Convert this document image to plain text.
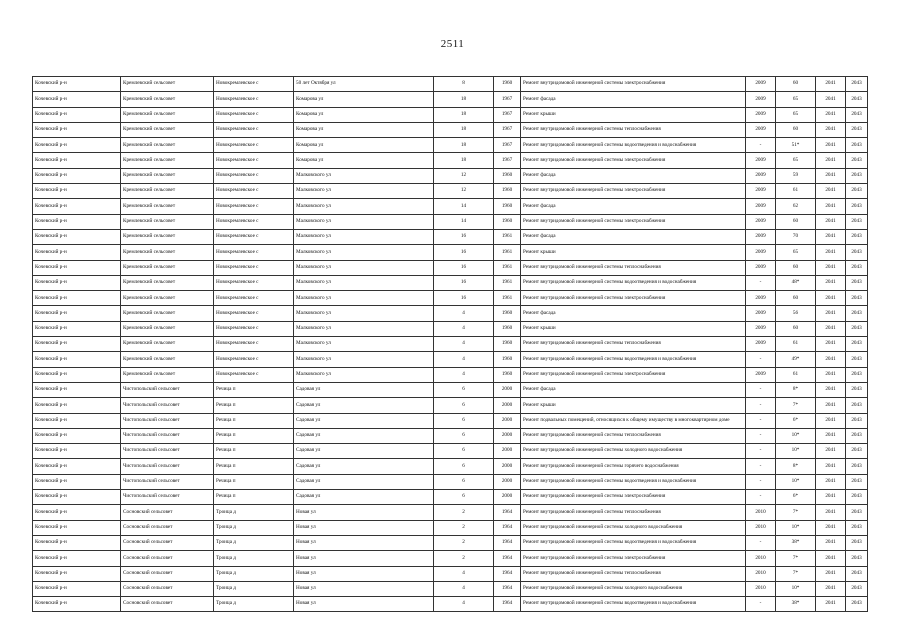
2511
Кочевский р-н	Кремлевский сельсовет	Новокремлевское с	50 лет Октября ул	8	1960	Ремонт внутридомовой инженерной системы электроснабжения	2009	60	2041	2043
Кочевский р-н	Кремлевский сельсовет	Новокремлевское с	Комарова ул	18	1967	Ремонт фасада	2009	65	2041	2043
Кочевский р-н	Кремлевский сельсовет	Новокремлевское с	Комарова ул	18	1967	Ремонт крыши	2009	65	2041	2043
Кочевский р-н	Кремлевский сельсовет	Новокремлевское с	Комарова ул	18	1967	Ремонт внутридомовой инженерной системы теплоснабжения	2009	60	2041	2043
Кочевский р-н	Кремлевский сельсовет	Новокремлевское с	Комарова ул	18	1967	Ремонт внутридомовой инженерной системы водоотведения и водоснабжения	-	51*	2041	2043
Кочевский р-н	Кремлевский сельсовет	Новокремлевское с	Комарова ул	18	1967	Ремонт внутридомовой инженерной системы электроснабжения	2009	65	2041	2043
Кочевский р-н	Кремлевский сельсовет	Новокремлевское с	Малковского ул	12	1960	Ремонт фасада	2009	59	2041	2043
Кочевский р-н	Кремлевский сельсовет	Новокремлевское с	Малковского ул	12	1960	Ремонт внутридомовой инженерной системы электроснабжения	2009	61	2041	2043
Кочевский р-н	Кремлевский сельсовет	Новокремлевское с	Малковского ул	14	1960	Ремонт фасада	2009	62	2041	2043
Кочевский р-н	Кремлевский сельсовет	Новокремлевское с	Малковского ул	14	1960	Ремонт внутридомовой инженерной системы электроснабжения	2009	60	2041	2043
Кочевский р-н	Кремлевский сельсовет	Новокремлевское с	Малковского ул	16	1961	Ремонт фасада	2009	70	2041	2043
Кочевский р-н	Кремлевский сельсовет	Новокремлевское с	Малковского ул	16	1961	Ремонт крыши	2009	65	2041	2043
Кочевский р-н	Кремлевский сельсовет	Новокремлевское с	Малковского ул	16	1961	Ремонт внутридомовой инженерной системы теплоснабжения	2009	60	2041	2043
Кочевский р-н	Кремлевский сельсовет	Новокремлевское с	Малковского ул	16	1961	Ремонт внутридомовой инженерной системы водоотведения и водоснабжения	-	48*	2041	2043
Кочевский р-н	Кремлевский сельсовет	Новокремлевское с	Малковского ул	16	1961	Ремонт внутридомовой инженерной системы электроснабжения	2009	60	2041	2043
Кочевский р-н	Кремлевский сельсовет	Новокремлевское с	Малковского ул	4	1960	Ремонт фасада	2009	56	2041	2043
Кочевский р-н	Кремлевский сельсовет	Новокремлевское с	Малковского ул	4	1960	Ремонт крыши	2009	60	2041	2043
Кочевский р-н	Кремлевский сельсовет	Новокремлевское с	Малковского ул	4	1960	Ремонт внутридомовой инженерной системы теплоснабжения	2009	61	2041	2043
Кочевский р-н	Кремлевский сельсовет	Новокремлевское с	Малковского ул	4	1960	Ремонт внутридомовой инженерной системы водоотведения и водоснабжения	-	49*	2041	2043
Кочевский р-н	Кремлевский сельсовет	Новокремлевское с	Малковского ул	4	1960	Ремонт внутридомовой инженерной системы электроснабжения	2009	61	2041	2043
Кочевский р-н	Чистопольский сельсовет	Речица п	Садовая ул	6	2000	Ремонт фасада	-	8*	2041	2043
Кочевский р-н	Чистопольский сельсовет	Речица п	Садовая ул	6	2000	Ремонт крыши	-	7*	2041	2043
Кочевский р-н	Чистопольский сельсовет	Речица п	Садовая ул	6	2000	Ремонт подвальных помещений, относящихся к общему имуществу в многоквартирном доме	-	6*	2041	2043
Кочевский р-н	Чистопольский сельсовет	Речица п	Садовая ул	6	2000	Ремонт внутридомовой инженерной системы теплоснабжения	-	10*	2041	2043
Кочевский р-н	Чистопольский сельсовет	Речица п	Садовая ул	6	2000	Ремонт внутридомовой инженерной системы холодного водоснабжения	-	10*	2041	2043
Кочевский р-н	Чистопольский сельсовет	Речица п	Садовая ул	6	2000	Ремонт внутридомовой инженерной системы горячего водоснабжения	-	8*	2041	2043
Кочевский р-н	Чистопольский сельсовет	Речица п	Садовая ул	6	2000	Ремонт внутридомовой инженерной системы водоотведения и водоснабжения	-	10*	2041	2043
Кочевский р-н	Чистопольский сельсовет	Речица п	Садовая ул	6	2000	Ремонт внутридомовой инженерной системы электроснабжения	-	6*	2041	2043
Кочевский р-н	Сосновский сельсовет	Троица д	Новая ул	2	1964	Ремонт внутридомовой инженерной системы теплоснабжения	2010	7*	2041	2043
Кочевский р-н	Сосновский сельсовет	Троица д	Новая ул	2	1964	Ремонт внутридомовой инженерной системы холодного водоснабжения	2010	10*	2041	2043
Кочевский р-н	Сосновский сельсовет	Троица д	Новая ул	2	1964	Ремонт внутридомовой инженерной системы водоотведения и водоснабжения	-	38*	2041	2043
Кочевский р-н	Сосновский сельсовет	Троица д	Новая ул	2	1964	Ремонт внутридомовой инженерной системы электроснабжения	2010	7*	2041	2043
Кочевский р-н	Сосновский сельсовет	Троица д	Новая ул	4	1964	Ремонт внутридомовой инженерной системы теплоснабжения	2010	7*	2041	2043
Кочевский р-н	Сосновский сельсовет	Троица д	Новая ул	4	1964	Ремонт внутридомовой инженерной системы холодного водоснабжения	2010	10*	2041	2043
Кочевский р-н	Сосновский сельсовет	Троица д	Новая ул	4	1964	Ремонт внутридомовой инженерной системы водоотведения и водоснабжения	-	38*	2041	2043
